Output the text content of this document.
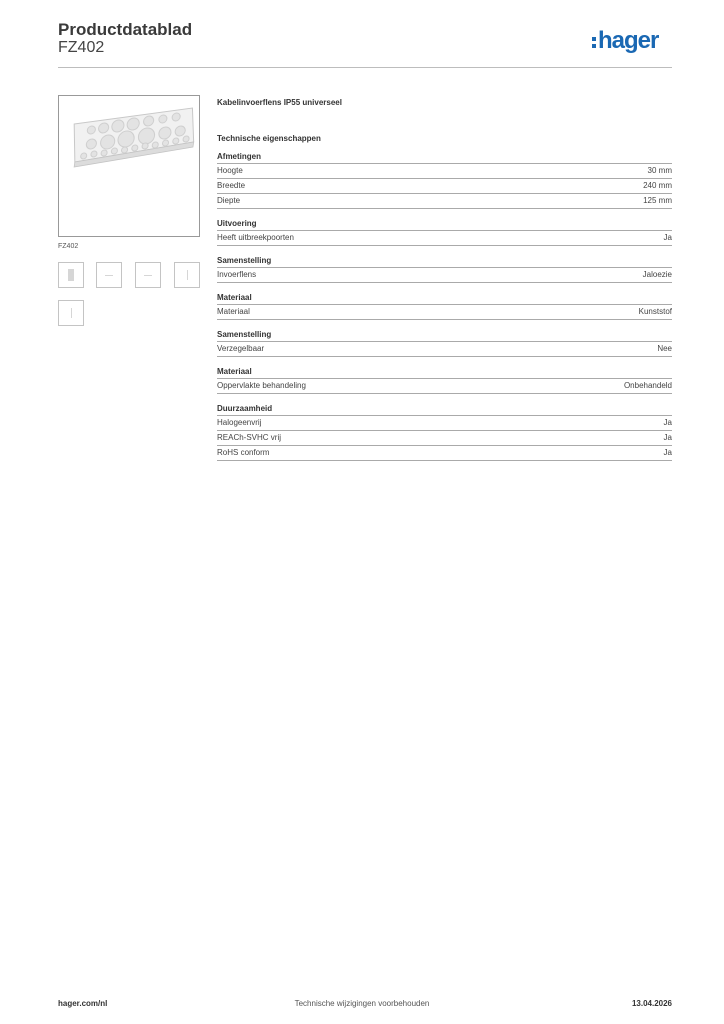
Productdatablad
FZ402	hager
FZ402
Kabelinvoerflens IP55 universeel
Technische eigenschappen
Afmetingen
Hoogte	30 mm
Breedte	240 mm
Diepte	125 mm
Uitvoering
Heeft uitbreekpoorten	Ja
Samenstelling
Invoerflens	Jaloezie
Materiaal
Materiaal	Kunststof
Samenstelling
Verzegelbaar	Nee
Materiaal
Oppervlakte behandeling	Onbehandeld
Duurzaamheid
Halogeenvrij	Ja
REACh-SVHC vrij	Ja
RoHS conform	Ja
hager.com/nl	Technische wijzigingen voorbehouden	13.04.2026
